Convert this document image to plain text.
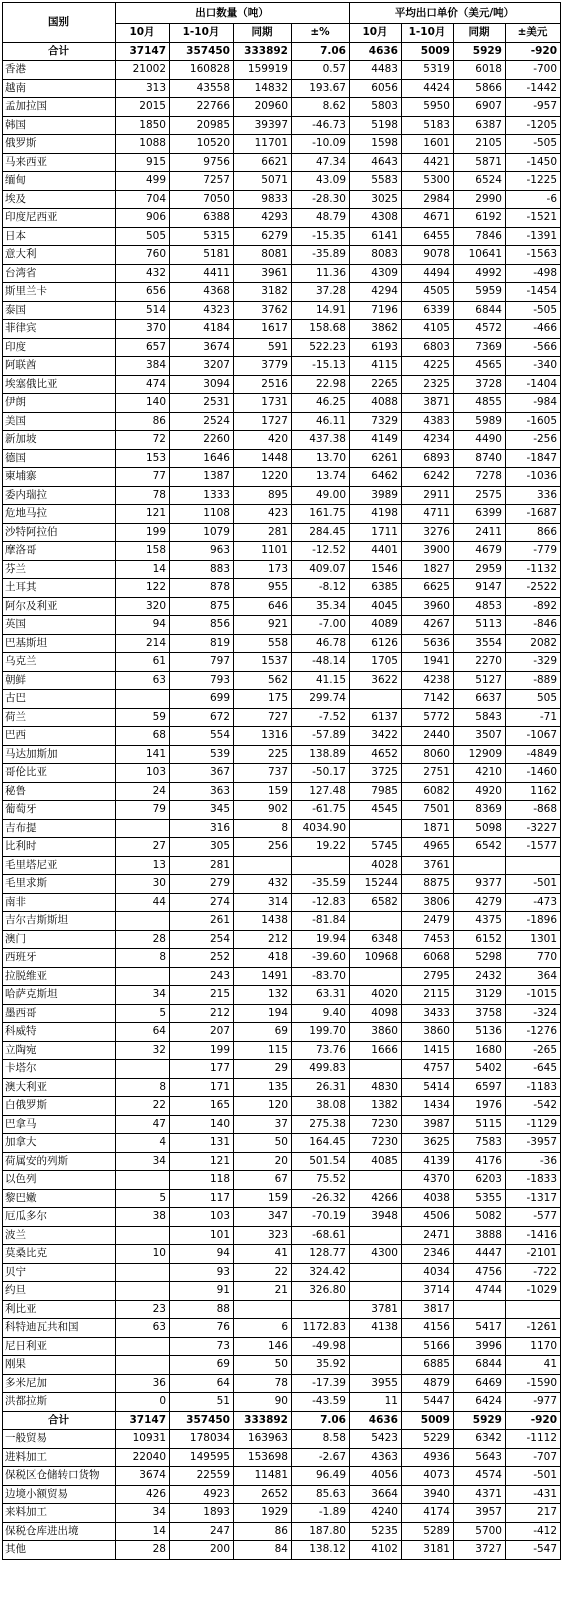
国别	出口数量（吨）				平均出口单价（美元/吨）			
	10月	1-10月	同期	±%	10月	1-10月	同期	±美元
合计	37147	357450	333892	7.06	4636	5009	5929	-920
香港	21002	160828	159919	0.57	4483	5319	6018	-700
越南	313	43558	14832	193.67	6056	4424	5866	-1442
孟加拉国	2015	22766	20960	8.62	5803	5950	6907	-957
韩国	1850	20985	39397	-46.73	5198	5183	6387	-1205
俄罗斯	1088	10520	11701	-10.09	1598	1601	2105	-505
马来西亚	915	9756	6621	47.34	4643	4421	5871	-1450
缅甸	499	7257	5071	43.09	5583	5300	6524	-1225
埃及	704	7050	9833	-28.30	3025	2984	2990	-6
印度尼西亚	906	6388	4293	48.79	4308	4671	6192	-1521
日本	505	5315	6279	-15.35	6141	6455	7846	-1391
意大利	760	5181	8081	-35.89	8083	9078	10641	-1563
台湾省	432	4411	3961	11.36	4309	4494	4992	-498
斯里兰卡	656	4368	3182	37.28	4294	4505	5959	-1454
泰国	514	4323	3762	14.91	7196	6339	6844	-505
菲律宾	370	4184	1617	158.68	3862	4105	4572	-466
印度	657	3674	591	522.23	6193	6803	7369	-566
阿联酋	384	3207	3779	-15.13	4115	4225	4565	-340
埃塞俄比亚	474	3094	2516	22.98	2265	2325	3728	-1404
伊朗	140	2531	1731	46.25	4088	3871	4855	-984
美国	86	2524	1727	46.11	7329	4383	5989	-1605
新加坡	72	2260	420	437.38	4149	4234	4490	-256
德国	153	1646	1448	13.70	6261	6893	8740	-1847
柬埔寨	77	1387	1220	13.74	6462	6242	7278	-1036
委内瑞拉	78	1333	895	49.00	3989	2911	2575	336
危地马拉	121	1108	423	161.75	4198	4711	6399	-1687
沙特阿拉伯	199	1079	281	284.45	1711	3276	2411	866
摩洛哥	158	963	1101	-12.52	4401	3900	4679	-779
芬兰	14	883	173	409.07	1546	1827	2959	-1132
土耳其	122	878	955	-8.12	6385	6625	9147	-2522
阿尔及利亚	320	875	646	35.34	4045	3960	4853	-892
英国	94	856	921	-7.00	4089	4267	5113	-846
巴基斯坦	214	819	558	46.78	6126	5636	3554	2082
乌克兰	61	797	1537	-48.14	1705	1941	2270	-329
朝鲜	63	793	562	41.15	3622	4238	5127	-889
古巴		699	175	299.74		7142	6637	505
荷兰	59	672	727	-7.52	6137	5772	5843	-71
巴西	68	554	1316	-57.89	3422	2440	3507	-1067
马达加斯加	141	539	225	138.89	4652	8060	12909	-4849
哥伦比亚	103	367	737	-50.17	3725	2751	4210	-1460
秘鲁	24	363	159	127.48	7985	6082	4920	1162
葡萄牙	79	345	902	-61.75	4545	7501	8369	-868
吉布提		316	8	4034.90		1871	5098	-3227
比利时	27	305	256	19.22	5745	4965	6542	-1577
毛里塔尼亚	13	281			4028	3761		
毛里求斯	30	279	432	-35.59	15244	8875	9377	-501
南非	44	274	314	-12.83	6582	3806	4279	-473
吉尔吉斯斯坦		261	1438	-81.84		2479	4375	-1896
澳门	28	254	212	19.94	6348	7453	6152	1301
西班牙	8	252	418	-39.60	10968	6068	5298	770
拉脱维亚		243	1491	-83.70		2795	2432	364
哈萨克斯坦	34	215	132	63.31	4020	2115	3129	-1015
墨西哥	5	212	194	9.40	4098	3433	3758	-324
科威特	64	207	69	199.70	3860	3860	5136	-1276
立陶宛	32	199	115	73.76	1666	1415	1680	-265
卡塔尔		177	29	499.83		4757	5402	-645
澳大利亚	8	171	135	26.31	4830	5414	6597	-1183
白俄罗斯	22	165	120	38.08	1382	1434	1976	-542
巴拿马	47	140	37	275.38	7230	3987	5115	-1129
加拿大	4	131	50	164.45	7230	3625	7583	-3957
荷属安的列斯	34	121	20	501.54	4085	4139	4176	-36
以色列		118	67	75.52		4370	6203	-1833
黎巴嫩	5	117	159	-26.32	4266	4038	5355	-1317
厄瓜多尔	38	103	347	-70.19	3948	4506	5082	-577
波兰		101	323	-68.61		2471	3888	-1416
莫桑比克	10	94	41	128.77	4300	2346	4447	-2101
贝宁		93	22	324.42		4034	4756	-722
约旦		91	21	326.80		3714	4744	-1029
利比亚	23	88			3781	3817		
科特迪瓦共和国	63	76	6	1172.83	4138	4156	5417	-1261
尼日利亚		73	146	-49.98		5166	3996	1170
刚果		69	50	35.92		6885	6844	41
多米尼加	36	64	78	-17.39	3955	4879	6469	-1590
洪都拉斯	0	51	90	-43.59	11	5447	6424	-977
合计	37147	357450	333892	7.06	4636	5009	5929	-920
一般贸易	10931	178034	163963	8.58	5423	5229	6342	-1112
进料加工	22040	149595	153698	-2.67	4363	4936	5643	-707
保税区仓储转口货物	3674	22559	11481	96.49	4056	4073	4574	-501
边境小额贸易	426	4923	2652	85.63	3664	3940	4371	-431
来料加工	34	1893	1929	-1.89	4240	4174	3957	217
保税仓库进出境	14	247	86	187.80	5235	5289	5700	-412
其他	28	200	84	138.12	4102	3181	3727	-547
